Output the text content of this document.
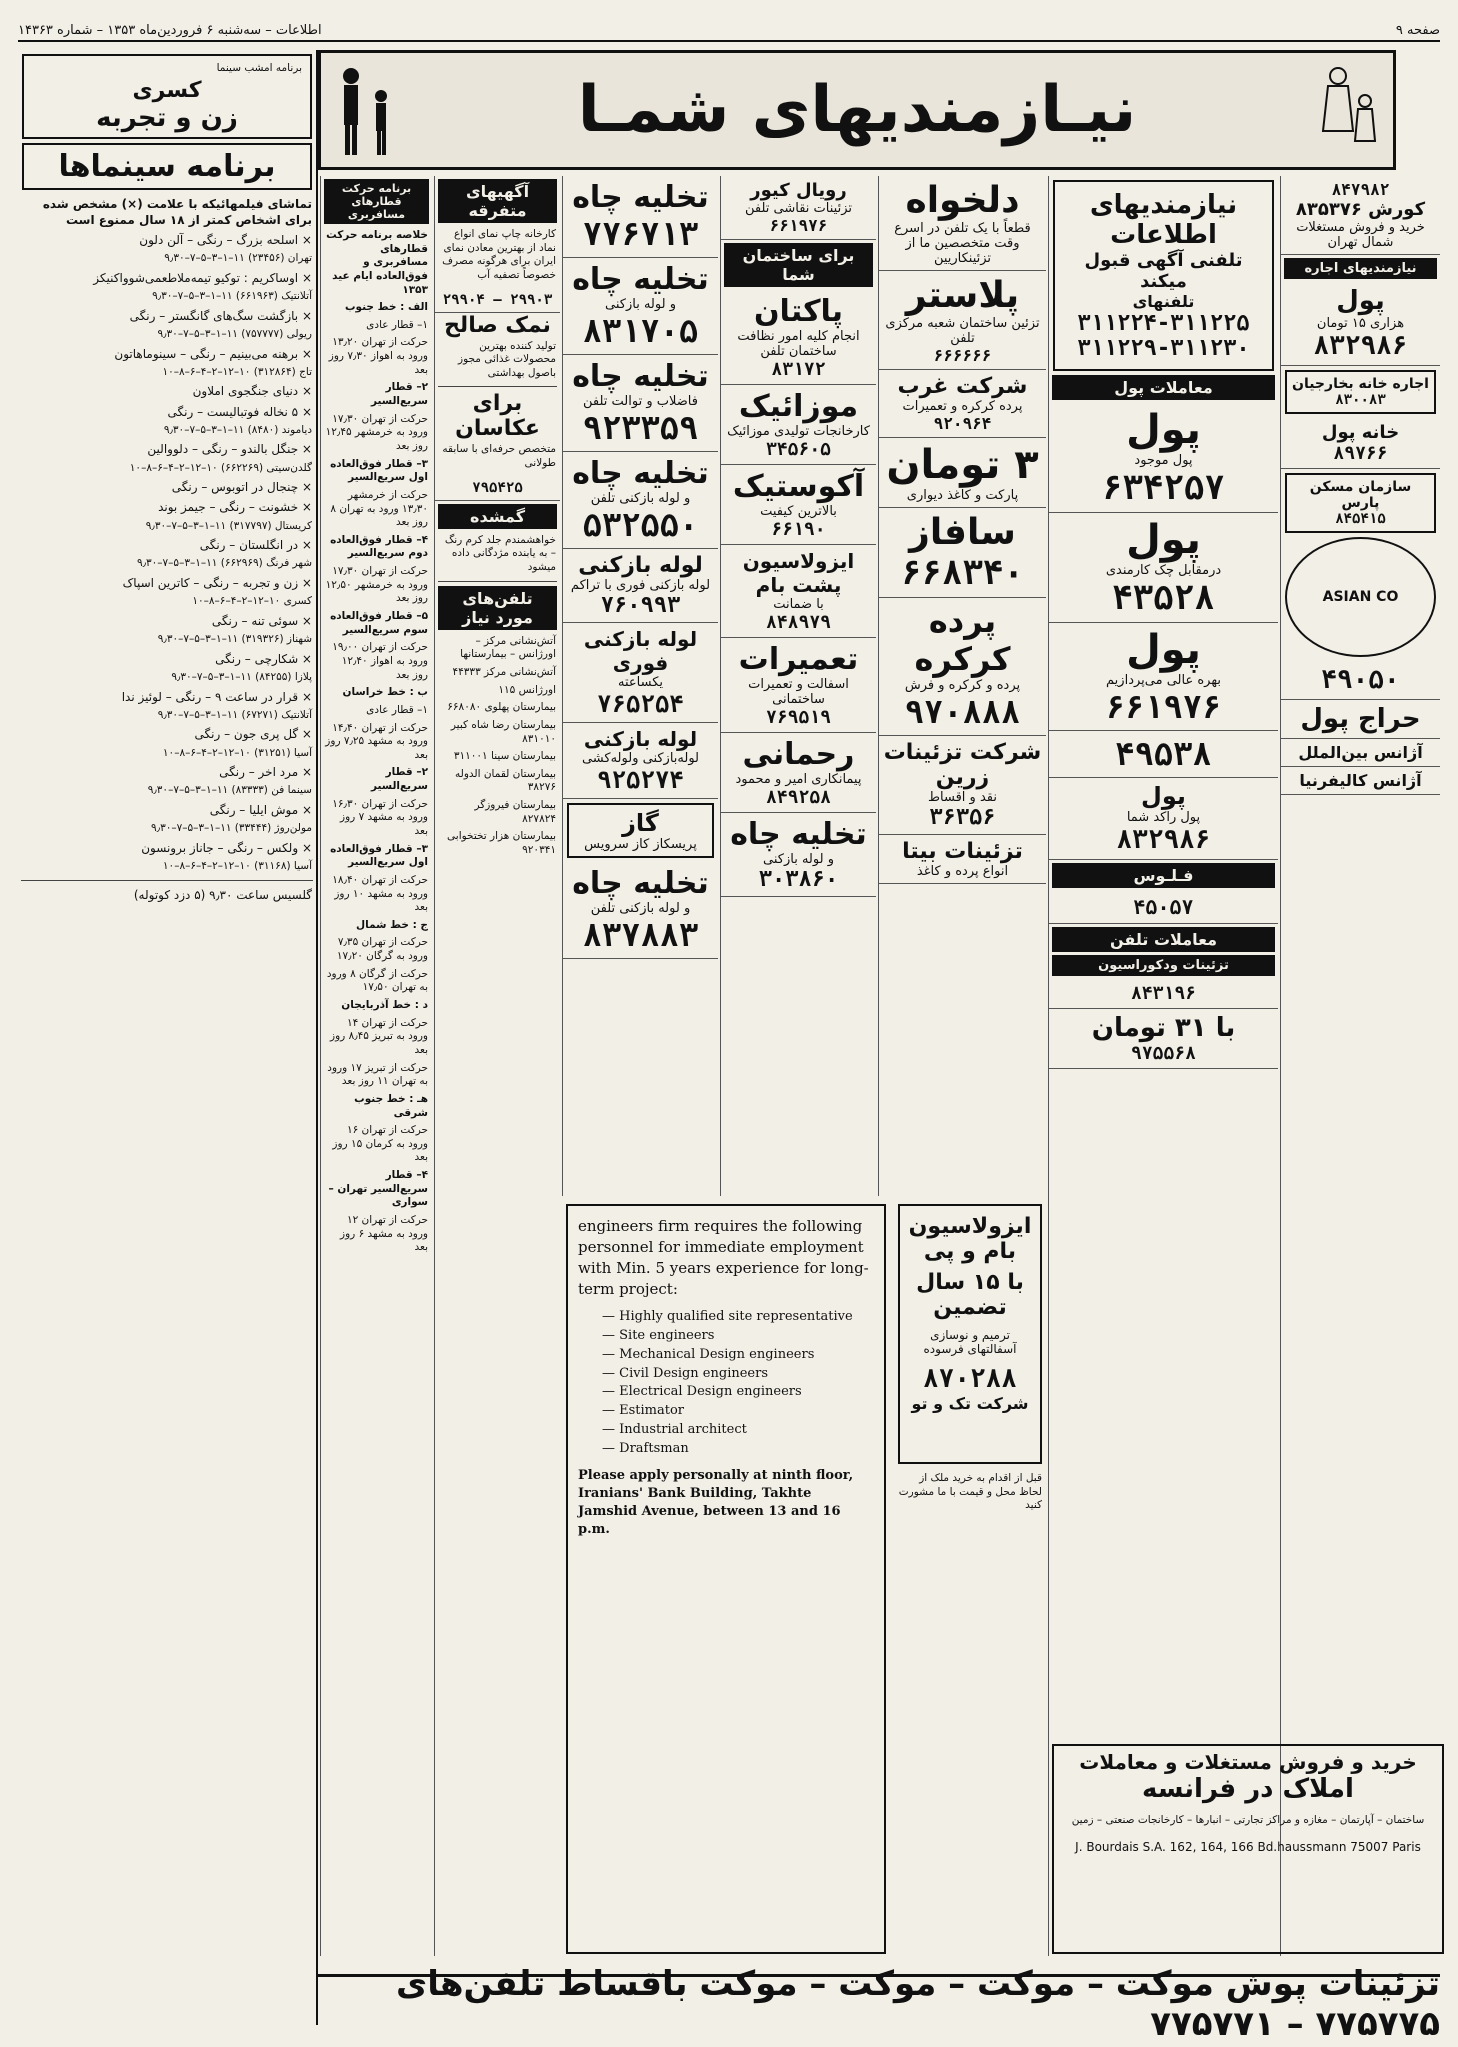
صفحه ۹
اطلاعات – سه‌شنبه ۶ فروردین‌ماه ۱۳۵۳ – شماره ۱۴۳۶۳
نیـازمندیهای شمـا
برنامه امشب سینما
کسری
زن و تجربه
برنامه سینماها
تماشای فیلمهائیکه با علامت (×) مشخص شده برای اشخاص کمتر از ۱۸ سال ممنوع است
× اسلحه بزرگ – رنگی – آلن دلون
تهران (۲۳۴۵۶) ۱۱–۱–۳–۵–۷–۹٫۳۰
× اوساکریم : توکیو تیمه‌ملاطعمی‌شوواکنیکز
آتلانتیک (۶۶۱۹۶۳) ۱۱–۱–۳–۵–۷–۹٫۳۰
× بازگشت سگ‌های گانگستر – رنگی
ریولی (۷۵۷۷۷۷) ۱۱–۱–۳–۵–۷–۹٫۳۰
× برهنه می‌بینیم – رنگی – سینوماهاتون
تاج (۳۱۲۸۶۴) ۱۰–۱۲–۲–۴–۶–۸–۱۰
× دنیای جنگجوی املاون
× ۵ نخاله فوتبالیست – رنگی
دیاموند (۸۴۸۰) ۱۱–۱–۳–۵–۷–۹٫۳۰
× جنگل بالندو – رنگی – دلووالین
گلدن‌سیتی (۶۶۲۲۶۹) ۱۰–۱۲–۲–۴–۶–۸–۱۰
× چنجال در اتوبوس – رنگی
× خشونت – رنگی – جیمز بوند
کریستال (۳۱۷۷۹۷) ۱۱–۱–۳–۵–۷–۹٫۳۰
× در انگلستان – رنگی
شهر فرنگ (۶۶۲۹۶۹) ۱۱–۱–۳–۵–۷–۹٫۳۰
× زن و تجربه – رنگی – کاترین اسپاک
کسری ۱۰–۱۲–۲–۴–۶–۸–۱۰
× سوئی تنه – رنگی
شهناز (۳۱۹۳۲۶) ۱۱–۱–۳–۵–۷–۹٫۳۰
× شکارچی – رنگی
پلازا (۸۴۲۵۵) ۱۱–۱–۳–۵–۷–۹٫۳۰
× قرار در ساعت ۹ – رنگی – لوئیز ندا
آتلانتیک (۶۷۲۷۱) ۱۱–۱–۳–۵–۷–۹٫۳۰
× گل پری جون – رنگی
آسیا (۳۱۲۵۱) ۱۰–۱۲–۲–۴–۶–۸–۱۰
× مرد اخر – رنگی
سینما فن (۸۳۳۳۳) ۱۱–۱–۳–۵–۷–۹٫۳۰
× موش ایلیا – رنگی
مولن‌روژ (۳۳۴۴۴) ۱۱–۱–۳–۵–۷–۹٫۳۰
× ولکس – رنگی – جاناز برونسون
آسیا (۳۱۱۶۸) ۱۰–۱۲–۲–۴–۶–۸–۱۰
گلسیس ساعت ۹٫۳۰ (۵ دزد کوتوله)
برنامه حرکت قطارهای مسافربری
خلاصه برنامه حرکت قطارهای مسافربری و فوق‌العاده ایام عید ۱۳۵۳
الف : خط جنوب
۱– قطار عادی
حرکت از تهران ۱۳٫۲۰ ورود به اهواز ۷٫۳۰ روز بعد
۲– قطار سریع‌السیر
حرکت از تهران ۱۷٫۳۰ ورود به خرمشهر ۱۲٫۴۵ روز بعد
۳– قطار فوق‌العاده اول سریع‌السیر
حرکت از خرمشهر ۱۳٫۳۰ ورود به تهران ۸ روز بعد
۴– قطار فوق‌العاده دوم سریع‌السیر
حرکت از تهران ۱۷٫۳۰ ورود به خرمشهر ۱۲٫۵۰ روز بعد
۵– قطار فوق‌العاده سوم سریع‌السیر
حرکت از تهران ۱۹٫۰۰ ورود به اهواز ۱۲٫۴۰ روز بعد
ب : خط خراسان
۱– قطار عادی
حرکت از تهران ۱۴٫۴۰ ورود به مشهد ۷٫۲۵ روز بعد
۲– قطار سریع‌السیر
حرکت از تهران ۱۶٫۳۰ ورود به مشهد ۷ روز بعد
۳– قطار فوق‌العاده اول سریع‌السیر
حرکت از تهران ۱۸٫۴۰ ورود به مشهد ۱۰ روز بعد
ج : خط شمال
حرکت از تهران ۷٫۳۵ ورود به گرگان ۱۷٫۲۰
حرکت از گرگان ۸ ورود به تهران ۱۷٫۵۰
د : خط آذربایجان
حرکت از تهران ۱۴ ورود به تبریز ۸٫۴۵ روز بعد
حرکت از تبریز ۱۷ ورود به تهران ۱۱ روز بعد
هـ : خط جنوب شرقی
حرکت از تهران ۱۶ ورود به کرمان ۱۵ روز بعد
۴– قطار سریع‌السیر تهران – سواری
حرکت از تهران ۱۲ ورود به مشهد ۶ روز بعد
آگهیهای متفرقه
کارخانه چاپ نمای انواع نماد از بهترین معادن نمای ایران برای هرگونه مصرف خصوصاً تصفیه آب
۲۹۹۰۳ – ۲۹۹۰۴
نمک صالح
تولید کننده بهترین محصولات غذائی مجوز باصول بهداشتی
برای عکاسان
متخصص حرفه‌ای با سابقه طولانی
۷۹۵۴۲۵
گمشده
خواهشمندم جلد کرم رنگ – به یابنده مژدگانی داده میشود
تلفن‌های مورد نیاز
آتش‌نشانی مرکز – اورژانس – بیمارستانها
آتش‌نشانی مرکز ۴۴۳۳۳
اورژانس ۱۱۵
بیمارستان پهلوی ۶۶۸۰۸۰
بیمارستان رضا شاه کبیر ۸۳۱۰۱۰
بیمارستان سینا ۳۱۱۰۰۱
بیمارستان لقمان الدوله ۳۸۲۷۶
بیمارستان فیروزگر ۸۲۷۸۲۴
بیمارستان هزار تختخوابی ۹۲۰۳۴۱
تخلیه چاه
۷۷۶۷۱۳
تخلیه چاه
و لوله بازکنی
۸۳۱۷۰۵
تخلیه چاه
فاضلاب و توالت تلفن
۹۲۳۳۵۹
تخلیه چاه
و لوله بازکنی تلفن
۵۳۲۵۵۰
لوله بازکنی
لوله بازکنی فوری با تراکم
۷۶۰۹۹۳
لوله بازکنی فوری
یکساعته
۷۶۵۲۵۴
لوله بازکنی
لوله‌بازکنی ولوله‌کشی
۹۲۵۲۷۴
گاز
پریسکاز کاز سرویس
تخلیه چاه
و لوله بازکنی تلفن
۸۳۷۸۸۳
رویال کیور
تزئینات نقاشی تلفن
۶۶۱۹۷۶
برای ساختمان شما
پاکتان
انجام کلیه امور نظافت ساختمان تلفن
۸۳۱۷۲
موزائیک
کارخانجات تولیدی موزائیک
۳۴۵۶۰۵
آکوستیک
بالاترین کیفیت
۶۶۱۹۰
ایزولاسیون پشت بام
با ضمانت
۸۴۸۹۷۹
تعمیرات
اسفالت و تعمیرات ساختمانی
۷۶۹۵۱۹
رحمانی
پیمانکاری امیر و محمود
۸۴۹۲۵۸
تخلیه چاه
و لوله بازکنی
۳۰۳۸۶۰
دلخواه
قطعاً با یک تلفن در اسرع وقت متخصصین ما از تزئینکاریین
پلاستر
تزئین ساختمان شعبه مرکزی تلفن
۶۶۶۶۶۶
شرکت غرب
پرده کرکره و تعمیرات
۹۲۰۹۶۴
۳ تومان
پارکت و کاغذ دیواری
سافاز
۶۶۸۳۴۰
پرده کرکره
پرده و کرکره و فرش
۹۷۰۸۸۸
شرکت تزئینات زرین
نقد و اقساط
۳۶۳۵۶
تزئینات بیتا
انواع پرده و کاغذ

engineers firm requires the following personnel for immediate employment with Min. 5 years experience for long-term project:

— Highly qualified site representative
— Site engineers
— Mechanical Design engineers
— Civil Design engineers
— Electrical Design engineers
— Estimator
— Industrial architect
— Draftsman

Please apply personally at ninth floor, Iranians' Bank Building, Takhte Jamshid Avenue, between 13 and 16 p.m.

ایزولاسیون بام و پی
با ۱۵ سال تضمین
ترمیم و نوسازی آسفالتهای فرسوده
۸۷۰۲۸۸
شرکت تک و تو
قبل از اقدام به خرید ملک از لحاظ محل و قیمت با ما مشورت کنید
نیازمندیهای اطلاعات
تلفنی آگهی قبول میکند
تلفنهای
۳۱۱۲۲۴-۳۱۱۲۲۵
۳۱۱۲۲۹-۳۱۱۲۳۰
معاملات پول
پول
پول موجود
۶۳۴۲۵۷
پول
درمقابل چک کارمندی
۴۳۵۲۸
پول
بهره عالی می‌پردازیم
۶۶۱۹۷۶
۴۹۵۳۸
پول
پول راکد شما
۸۳۲۹۸۶
فـلـوس
۴۵۰۵۷
معاملات تلفن
تزئینات ودکوراسیون
۸۴۳۱۹۶
با ۳۱ تومان
۹۷۵۵۶۸
۸۴۷۹۸۲
کورش ۸۳۵۳۷۶
خرید و فروش مستغلات شمال تهران
نیازمندیهای اجاره
پول
هزاری ۱۵ تومان
۸۳۲۹۸۶
اجاره خانه بخارجیان
۸۳۰۰۸۳
خانه پول
۸۹۷۶۶
سازمان مسکن پارس
۸۴۵۴۱۵
ASIAN CO
۴۹۰۵۰
حراج پول
آژانس بین‌الملل
آژانس کالیفرنیا
خرید و فروش مستغلات و معاملات
املاک در فرانسه
ساختمان – آپارتمان – مغازه و مراکز تجارتی – انبارها – کارخانجات صنعتی – زمین
J. Bourdais S.A. 162, 164, 166 Bd.haussmann 75007 Paris
تزئینات پوش موکت – موکت – موکت – موکت باقساط تلفن‌های ۷۷۵۷۷۵ – ۷۷۵۷۷۱
